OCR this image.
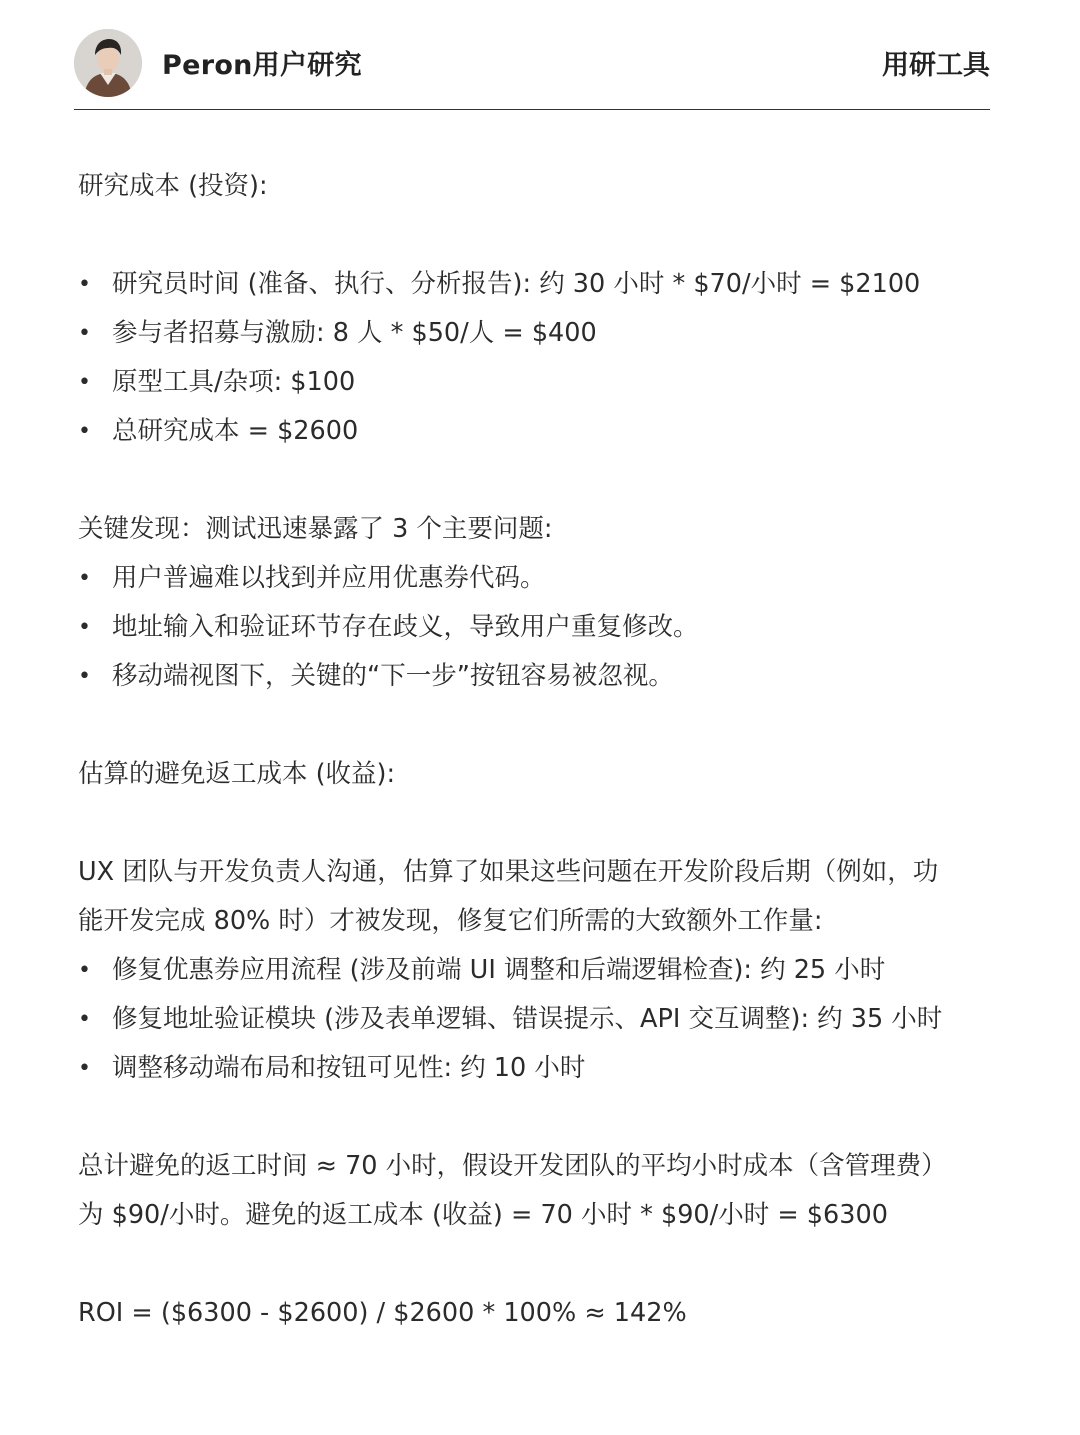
Peron用户研究	用研工具

研究成本 (投资):

• 研究员时间 (准备、执行、分析报告): 约 30 小时 * $70/小时 = $2100
• 参与者招募与激励: 8 人 * $50/人 = $400
• 原型工具/杂项: $100
• 总研究成本 = $2600

关键发现：测试迅速暴露了 3 个主要问题:

• 用户普遍难以找到并应用优惠券代码。
• 地址输入和验证环节存在歧义，导致用户重复修改。
• 移动端视图下，关键的“下一步”按钮容易被忽视。

估算的避免返工成本 (收益):

UX 团队与开发负责人沟通，估算了如果这些问题在开发阶段后期（例如，功能开发完成 80% 时）才被发现，修复它们所需的大致额外工作量:

• 修复优惠券应用流程 (涉及前端 UI 调整和后端逻辑检查): 约 25 小时
• 修复地址验证模块 (涉及表单逻辑、错误提示、API 交互调整): 约 35 小时
• 调整移动端布局和按钮可见性: 约 10 小时

总计避免的返工时间 ≈ 70 小时，假设开发团队的平均小时成本（含管理费）为 $90/小时。避免的返工成本 (收益) = 70 小时 * $90/小时 = $6300

ROI = ($6300 - $2600) / $2600 * 100% ≈ 142%
